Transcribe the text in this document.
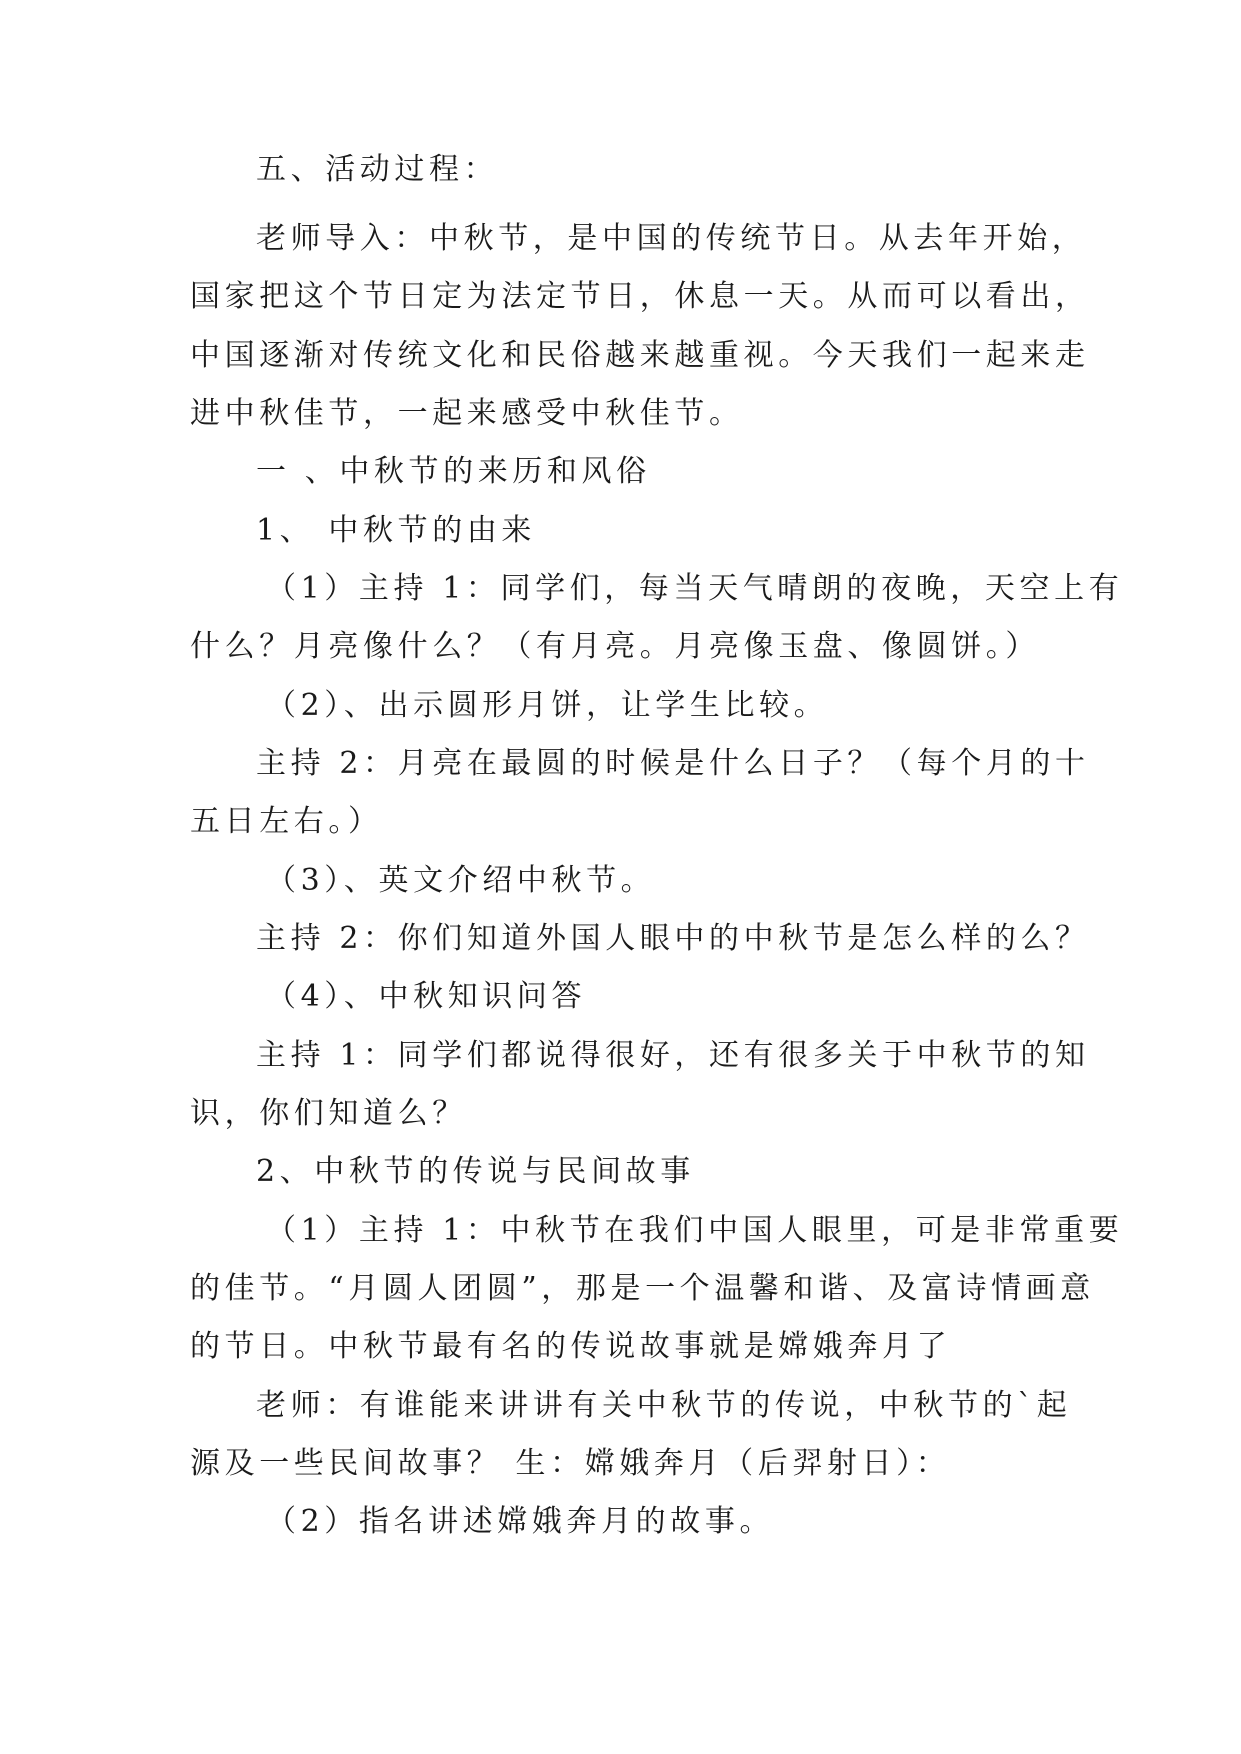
五、活动过程：

老师导入：中秋节，是中国的传统节日。从去年开始，

国家把这个节日定为法定节日，休息一天。从而可以看出，

中国逐渐对传统文化和民俗越来越重视。今天我们一起来走

进中秋佳节，一起来感受中秋佳节。

一 、中秋节的来历和风俗

1、 中秋节的由来

（1）主持 1：同学们，每当天气晴朗的夜晚，天空上有

什么？月亮像什么？（有月亮。月亮像玉盘、像圆饼。）

（2）、出示圆形月饼，让学生比较。

主持 2：月亮在最圆的时候是什么日子？（每个月的十

五日左右。）

（3）、英文介绍中秋节。

主持 2：你们知道外国人眼中的中秋节是怎么样的么？

（4）、中秋知识问答

主持 1：同学们都说得很好，还有很多关于中秋节的知

识，你们知道么？

2、中秋节的传说与民间故事

（1）主持 1：中秋节在我们中国人眼里，可是非常重要

的佳节。“月圆人团圆”，那是一个温馨和谐、及富诗情画意

的节日。中秋节最有名的传说故事就是嫦娥奔月了

老师：有谁能来讲讲有关中秋节的传说，中秋节的`起

源及一些民间故事？ 生：嫦娥奔月（后羿射日）：

（2）指名讲述嫦娥奔月的故事。
